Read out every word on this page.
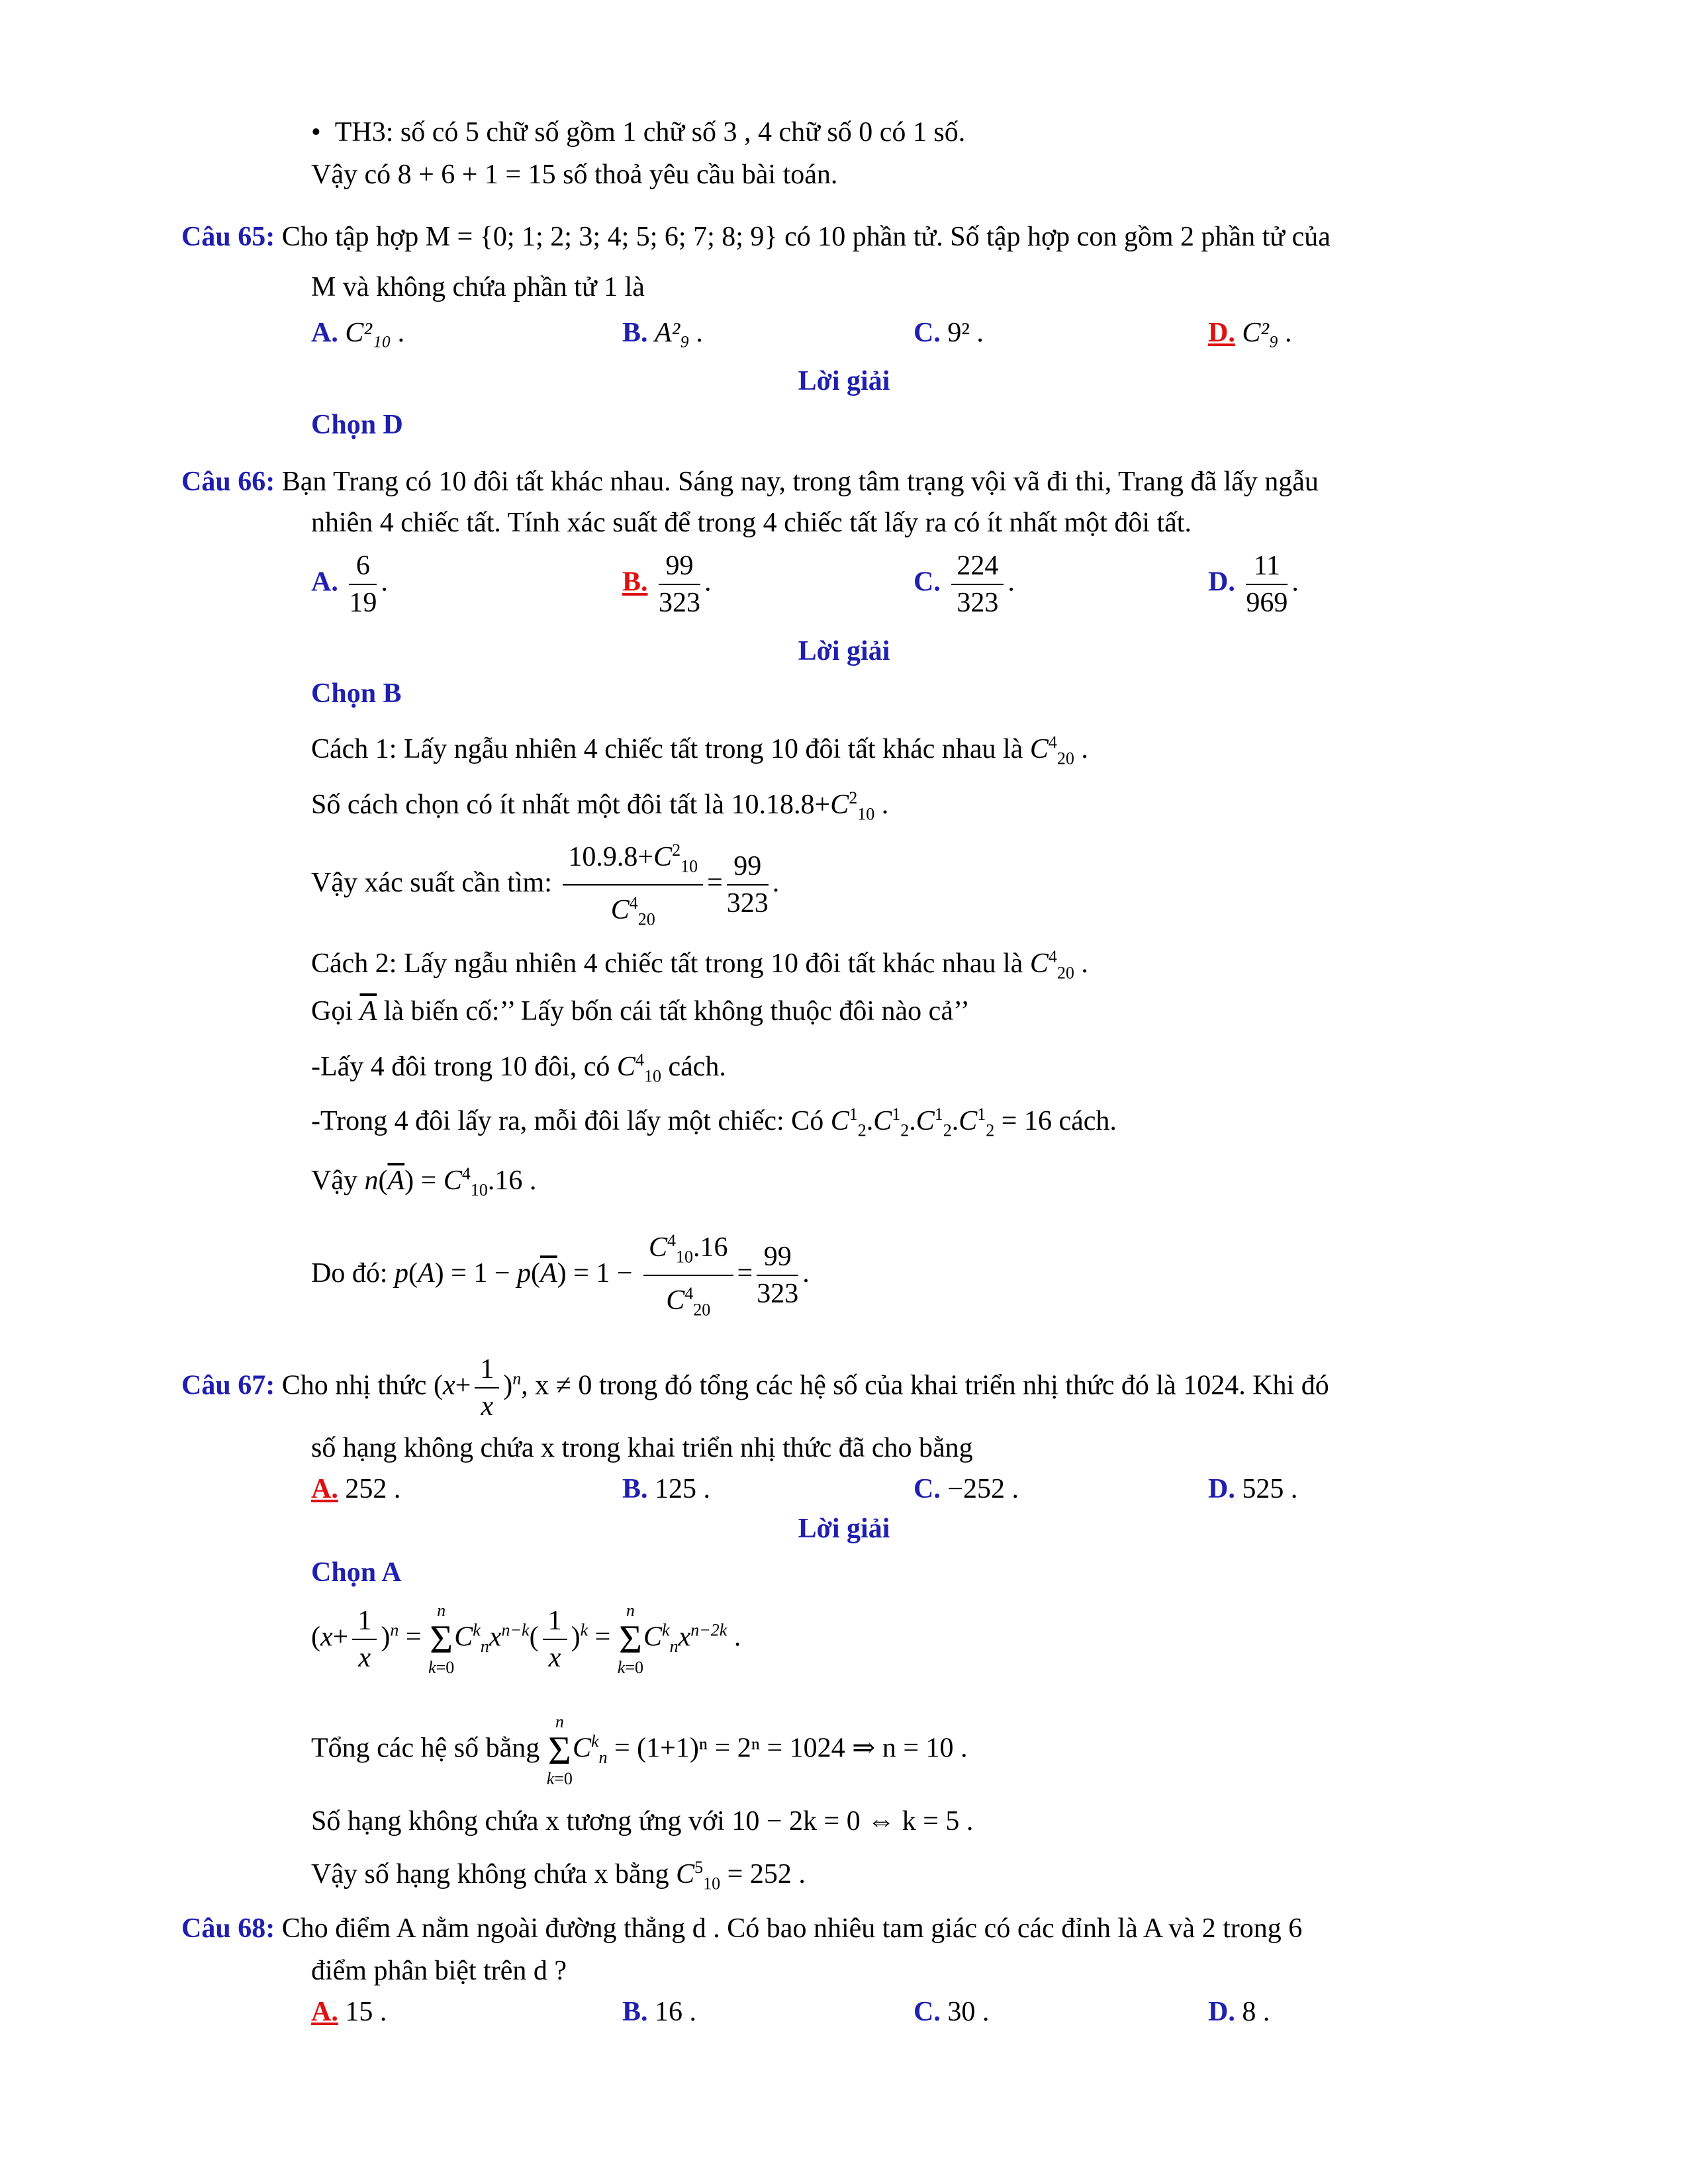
•  TH3: số có 5 chữ số gồm 1 chữ số 3 , 4 chữ số 0 có 1 số.
Vậy có 8 + 6 + 1 = 15 số thoả yêu cầu bài toán.
Câu 65: Cho tập hợp M = {0; 1; 2; 3; 4; 5; 6; 7; 8; 9} có 10 phần tử. Số tập hợp con gồm 2 phần tử của
M và không chứa phần tử 1 là
A. C²₁₀ .	B. A²₉ .	C. 9² .	D. C²₉ .
Lời giải
Chọn D
Câu 66: Bạn Trang có 10 đôi tất khác nhau. Sáng nay, trong tâm trạng vội vã đi thi, Trang đã lấy ngẫu
nhiên 4 chiếc tất. Tính xác suất để trong 4 chiếc tất lấy ra có ít nhất một đôi tất.
A. $\frac{6}{19}$ .	B. $\frac{99}{323}$ .	C. $\frac{224}{323}$ .	D. $\frac{11}{969}$ .
Lời giải
Chọn B
Cách 1: Lấy ngẫu nhiên 4 chiếc tất trong 10 đôi tất khác nhau là $C^4_{20}$ .
Số cách chọn có ít nhất một đôi tất là $10.18.8+C^2_{10}$ .
Vậy xác suất cần tìm: $\frac{10.9.8+C^2_{10}}{C^4_{20}} = \frac{99}{323}$ .
Cách 2: Lấy ngẫu nhiên 4 chiếc tất trong 10 đôi tất khác nhau là $C^4_{20}$ .
Gọi $\overline{A}$ là biến cố:’’ Lấy bốn cái tất không thuộc đôi nào cả’’
-Lấy 4 đôi trong 10 đôi, có $C^4_{10}$ cách.
-Trong 4 đôi lấy ra, mỗi đôi lấy một chiếc: Có $C^1_2.C^1_2.C^1_2.C^1_2 = 16$ cách.
Vậy $n(\overline{A}) = C^4_{10}.16$ .
Do đó: $p(A) = 1 - p(\overline{A}) = 1 - \frac{C^4_{10}.16}{C^4_{20}} = \frac{99}{323}$ .
Câu 67: Cho nhị thức $(x+ \frac{1}{x} )^n$, x ≠ 0 trong đó tổng các hệ số của khai triển nhị thức đó là 1024. Khi đó
số hạng không chứa x trong khai triển nhị thức đã cho bằng
A. 252 .	B. 125 .	C. −252 .	D. 525 .
Lời giải
Chọn A
$(x+ \frac{1}{x} )^n = n$
Σ
$k=0C^k_nx^{n-k}( \frac{1}{x} )^k = n$
Σ
$k=0C^k_nx^{n-2k}$ .
Tổng các hệ số bằng n
Σ
$k=0C^k_n = (1+1)^n = 2^n = 1024$ ⇒ n = 10 .
Số hạng không chứa x tương ứng với 10 − 2k = 0 ⇔ k = 5 .
Vậy số hạng không chứa x bằng $C^5_{10} = 252$ .
Câu 68: Cho điểm A nằm ngoài đường thẳng d . Có bao nhiêu tam giác có các đỉnh là A và 2 trong 6
điểm phân biệt trên d ?
A. 15 .	B. 16 .	C. 30 .	D. 8 .
